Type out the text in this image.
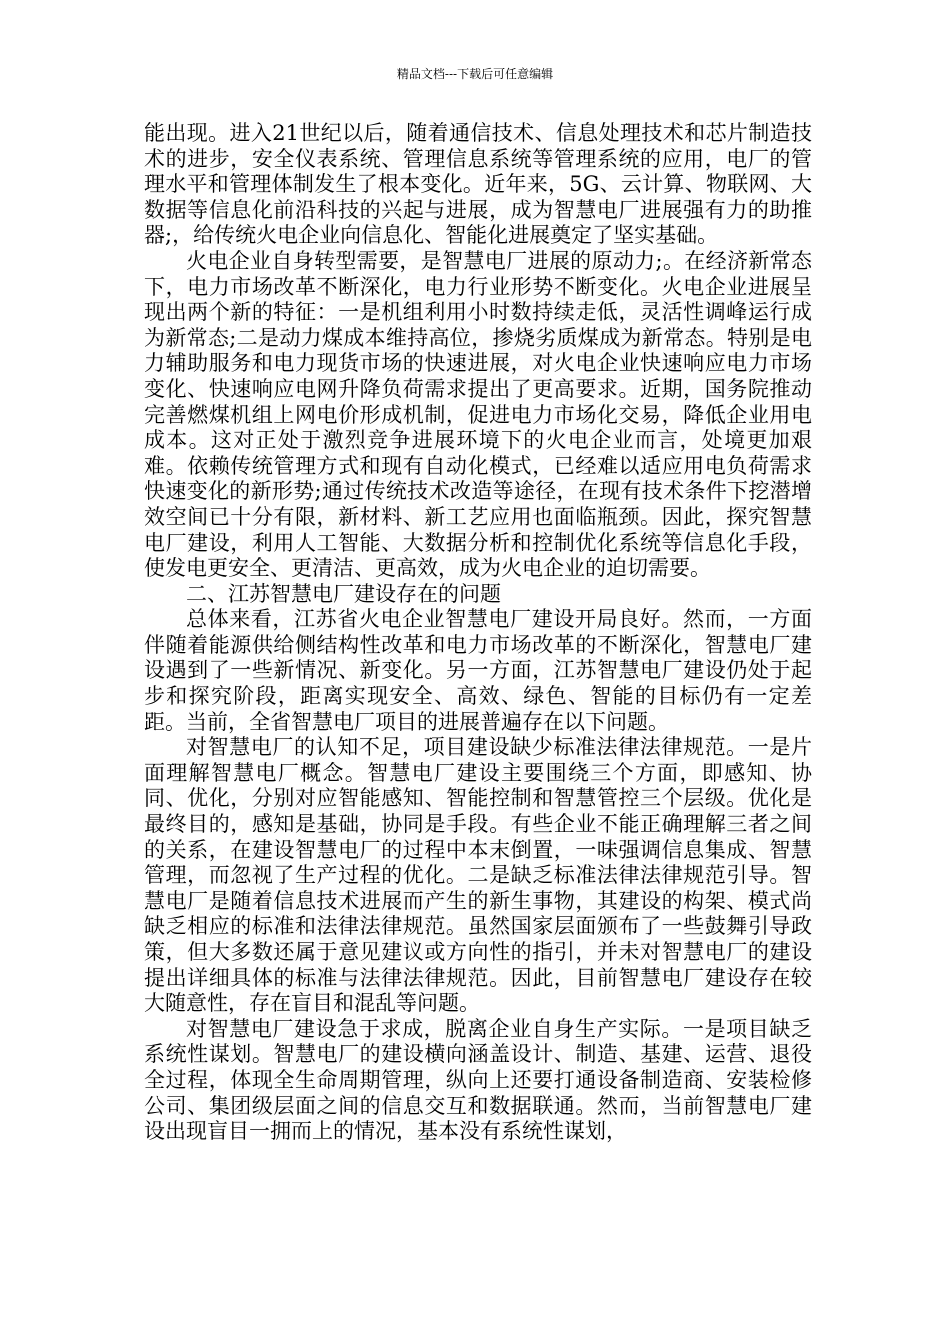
精品文档---下载后可任意编辑

能出现。进入21世纪以后，随着通信技术、信息处理技术和芯片制造技术的进步，安全仪表系统、管理信息系统等管理系统的应用，电厂的管理水平和管理体制发生了根本变化。近年来，5G、云计算、物联网、大数据等信息化前沿科技的兴起与进展，成为智慧电厂进展强有力的助推器;，给传统火电企业向信息化、智能化进展奠定了坚实基础。

火电企业自身转型需要，是智慧电厂进展的原动力;。在经济新常态下，电力市场改革不断深化，电力行业形势不断变化。火电企业进展呈现出两个新的特征：一是机组利用小时数持续走低，灵活性调峰运行成为新常态;二是动力煤成本维持高位，掺烧劣质煤成为新常态。特别是电力辅助服务和电力现货市场的快速进展，对火电企业快速响应电力市场变化、快速响应电网升降负荷需求提出了更高要求。近期，国务院推动完善燃煤机组上网电价形成机制，促进电力市场化交易，降低企业用电成本。这对正处于激烈竞争进展环境下的火电企业而言，处境更加艰难。依赖传统管理方式和现有自动化模式，已经难以适应用电负荷需求快速变化的新形势;通过传统技术改造等途径，在现有技术条件下挖潜增效空间已十分有限，新材料、新工艺应用也面临瓶颈。因此，探究智慧电厂建设，利用人工智能、大数据分析和控制优化系统等信息化手段，使发电更安全、更清洁、更高效，成为火电企业的迫切需要。

二、江苏智慧电厂建设存在的问题

总体来看，江苏省火电企业智慧电厂建设开局良好。然而，一方面伴随着能源供给侧结构性改革和电力市场改革的不断深化，智慧电厂建设遇到了一些新情况、新变化。另一方面，江苏智慧电厂建设仍处于起步和探究阶段，距离实现安全、高效、绿色、智能的目标仍有一定差距。当前，全省智慧电厂项目的进展普遍存在以下问题。

对智慧电厂的认知不足，项目建设缺少标准法律法律规范。一是片面理解智慧电厂概念。智慧电厂建设主要围绕三个方面，即感知、协同、优化，分别对应智能感知、智能控制和智慧管控三个层级。优化是最终目的，感知是基础，协同是手段。有些企业不能正确理解三者之间的关系，在建设智慧电厂的过程中本末倒置，一味强调信息集成、智慧管理，而忽视了生产过程的优化。二是缺乏标准法律法律规范引导。智慧电厂是随着信息技术进展而产生的新生事物，其建设的构架、模式尚缺乏相应的标准和法律法律规范。虽然国家层面颁布了一些鼓舞引导政策，但大多数还属于意见建议或方向性的指引，并未对智慧电厂的建设提出详细具体的标准与法律法律规范。因此，目前智慧电厂建设存在较大随意性，存在盲目和混乱等问题。

对智慧电厂建设急于求成，脱离企业自身生产实际。一是项目缺乏系统性谋划。智慧电厂的建设横向涵盖设计、制造、基建、运营、退役全过程，体现全生命周期管理，纵向上还要打通设备制造商、安装检修公司、集团级层面之间的信息交互和数据联通。然而，当前智慧电厂建设出现盲目一拥而上的情况，基本没有系统性谋划，
